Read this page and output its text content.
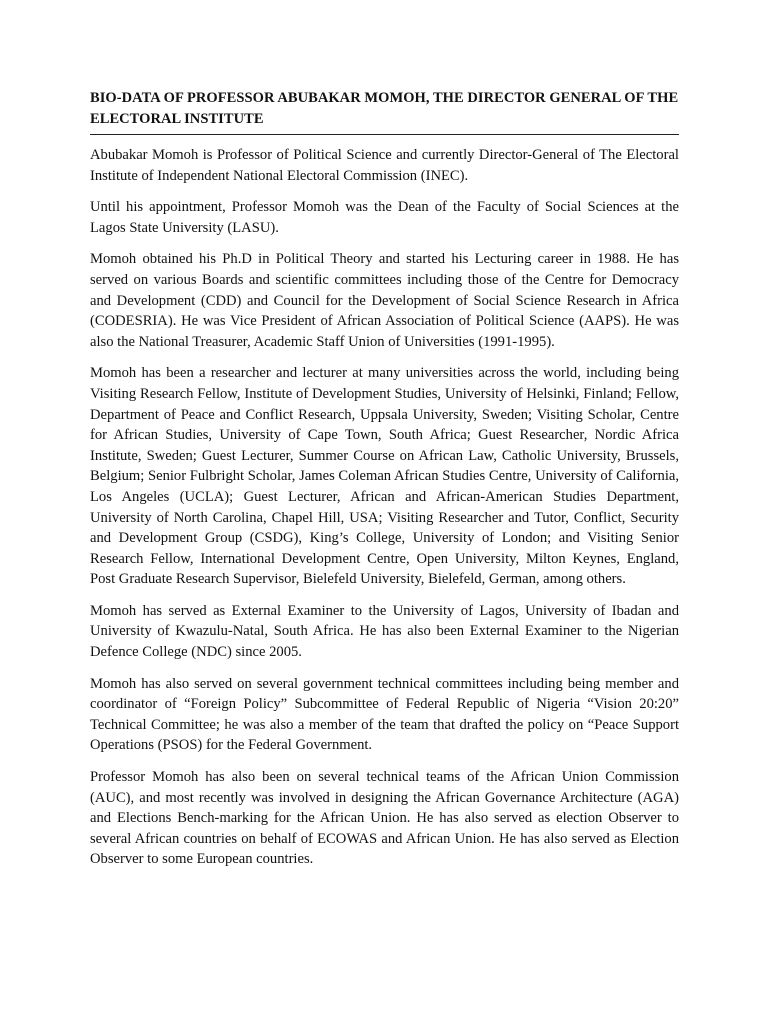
BIO-DATA OF PROFESSOR ABUBAKAR MOMOH, THE DIRECTOR GENERAL OF THE ELECTORAL INSTITUTE

Abubakar Momoh is Professor of Political Science and currently Director-General of The Electoral Institute of Independent National Electoral Commission (INEC).

Until his appointment, Professor Momoh was the Dean of the Faculty of Social Sciences at the Lagos State University (LASU).

Momoh obtained his Ph.D in Political Theory and started his Lecturing career in 1988. He has served on various Boards and scientific committees including those of the Centre for Democracy and Development (CDD) and Council for the Development of Social Science Research in Africa (CODESRIA). He was Vice President of African Association of Political Science (AAPS). He was also the National Treasurer, Academic Staff Union of Universities (1991-1995).

Momoh has been a researcher and lecturer at many universities across the world, including being Visiting Research Fellow, Institute of Development Studies, University of Helsinki, Finland; Fellow, Department of Peace and Conflict Research, Uppsala University, Sweden; Visiting Scholar, Centre for African Studies, University of Cape Town, South Africa; Guest Researcher, Nordic Africa Institute, Sweden; Guest Lecturer, Summer Course on African Law, Catholic University, Brussels, Belgium; Senior Fulbright Scholar, James Coleman African Studies Centre, University of California, Los Angeles (UCLA); Guest Lecturer, African and African-American Studies Department, University of North Carolina, Chapel Hill, USA; Visiting Researcher and Tutor, Conflict, Security and Development Group (CSDG), King’s College, University of London; and Visiting Senior Research Fellow, International Development Centre, Open University, Milton Keynes, England, Post Graduate Research Supervisor, Bielefeld University, Bielefeld, German, among others.

Momoh has served as External Examiner to the University of Lagos, University of Ibadan and University of Kwazulu-Natal, South Africa. He has also been External Examiner to the Nigerian Defence College (NDC) since 2005.

Momoh has also served on several government technical committees including being member and coordinator of “Foreign Policy” Subcommittee of Federal Republic of Nigeria “Vision 20:20” Technical Committee; he was also a member of the team that drafted the policy on “Peace Support Operations (PSOS) for the Federal Government.

Professor Momoh has also been on several technical teams of the African Union Commission (AUC), and most recently was involved in designing the African Governance Architecture (AGA) and Elections Bench-marking for the African Union. He has also served as election Observer to several African countries on behalf of ECOWAS and African Union. He has also served as Election Observer to some European countries.
